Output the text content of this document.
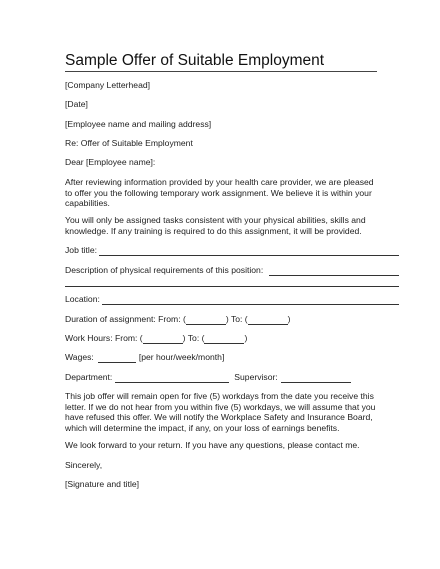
Sample Offer of Suitable Employment
[Company Letterhead]
[Date]
[Employee name and mailing address]
Re: Offer of Suitable Employment
Dear [Employee name]:
After reviewing information provided by your health care provider, we are pleased to offer you the following temporary work assignment. We believe it is within your capabilities.
You will only be assigned tasks consistent with your physical abilities, skills and knowledge. If any training is required to do this assignment, it will be provided.
Job title:
Description of physical requirements of this position:
Location:
Duration of assignment: From: (	) To: (	)
Work Hours: From: (	) To: (	)
Wages:	[per hour/week/month]
Department:	Supervisor:
This job offer will remain open for five (5) workdays from the date you receive this letter. If we do not hear from you within five (5) workdays, we will assume that you have refused this offer. We will notify the Workplace Safety and Insurance Board, which will determine the impact, if any, on your loss of earnings benefits.
We look forward to your return. If you have any questions, please contact me.
Sincerely,
[Signature and title]
